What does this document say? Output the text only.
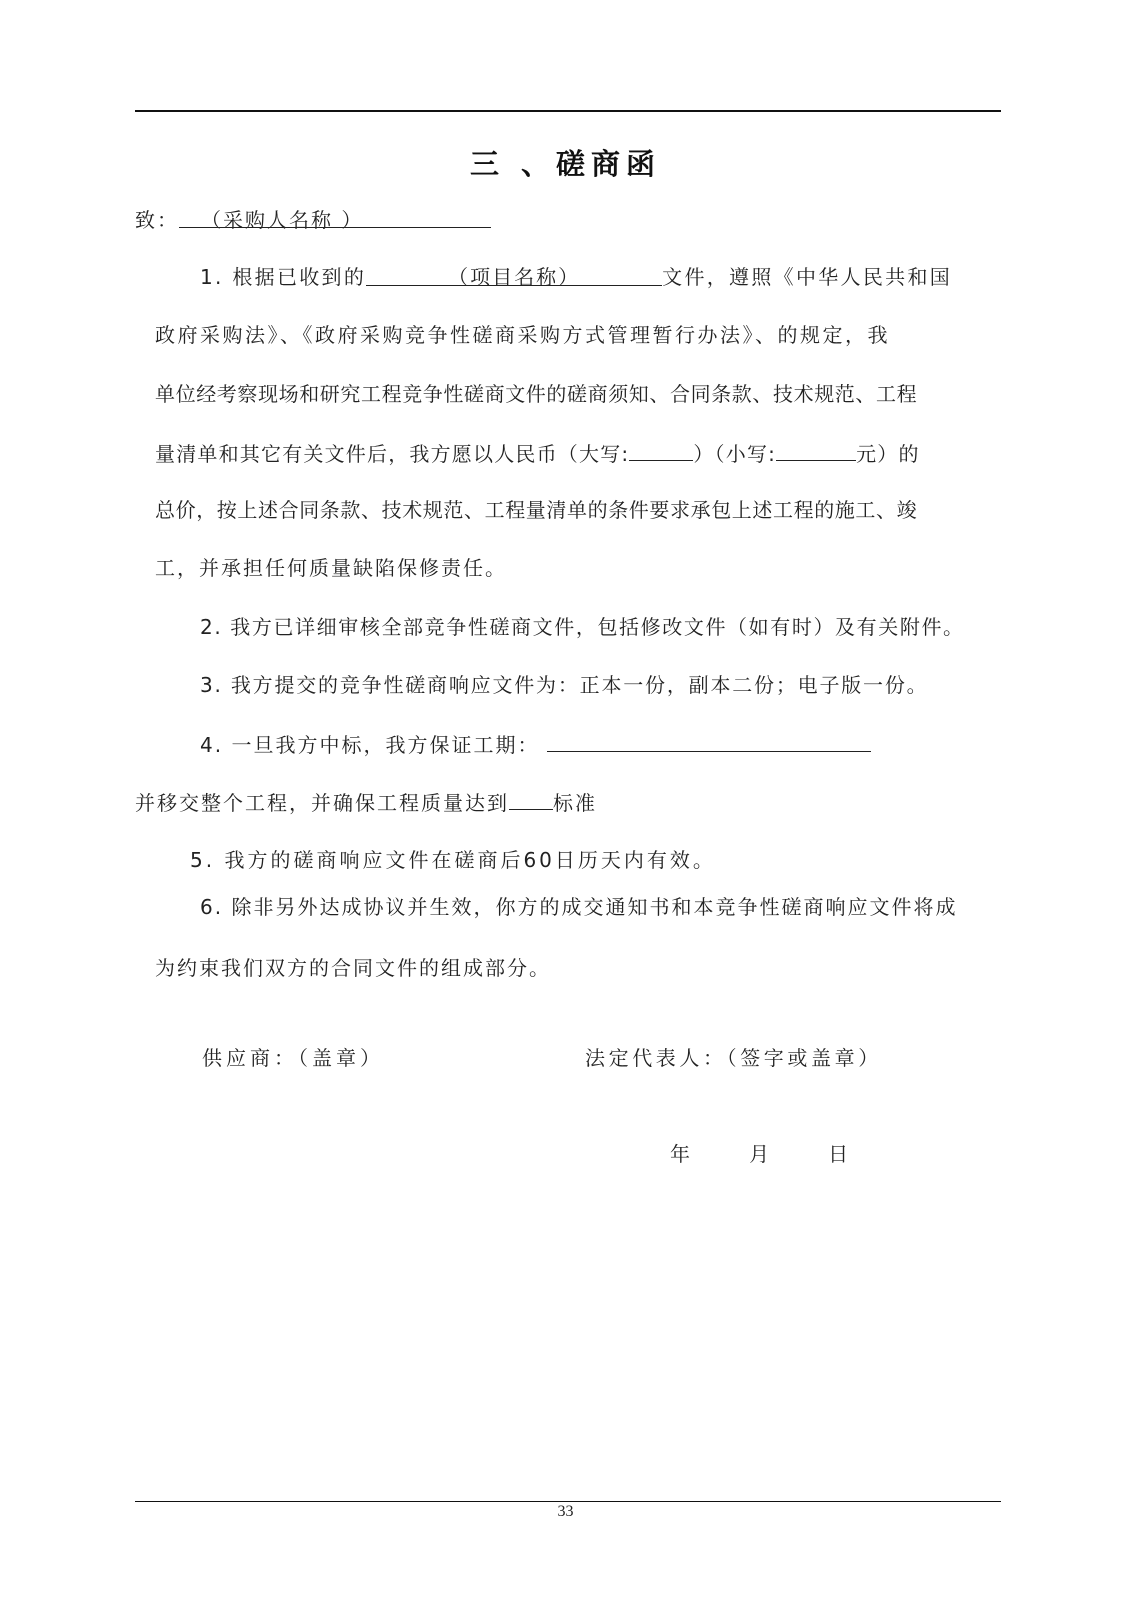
三 、磋商函
致： （采购人名称 ）
1. 根据已收到的	（项目名称）	文件，遵照《中华人民共和国
政府采购法》、《政府采购竞争性磋商采购方式管理暂行办法》、的规定，我
单位经考察现场和研究工程竞争性磋商文件的磋商须知、合同条款、技术规范、工程
量清单和其它有关文件后，我方愿以人民币（大写:	）（小写:	元）的
总价，按上述合同条款、技术规范、工程量清单的条件要求承包上述工程的施工、竣
工，并承担任何质量缺陷保修责任。
2. 我方已详细审核全部竞争性磋商文件，包括修改文件（如有时）及有关附件。
3. 我方提交的竞争性磋商响应文件为：正本一份，副本二份；电子版一份。
4. 一旦我方中标，我方保证工期：
并移交整个工程，并确保工程质量达到 标准
5. 我方的磋商响应文件在磋商后60日历天内有效。
6. 除非另外达成协议并生效，你方的成交通知书和本竞争性磋商响应文件将成
为约束我们双方的合同文件的组成部分。
供应商：（盖章）	法定代表人：（签字或盖章）
年   月   日
33
